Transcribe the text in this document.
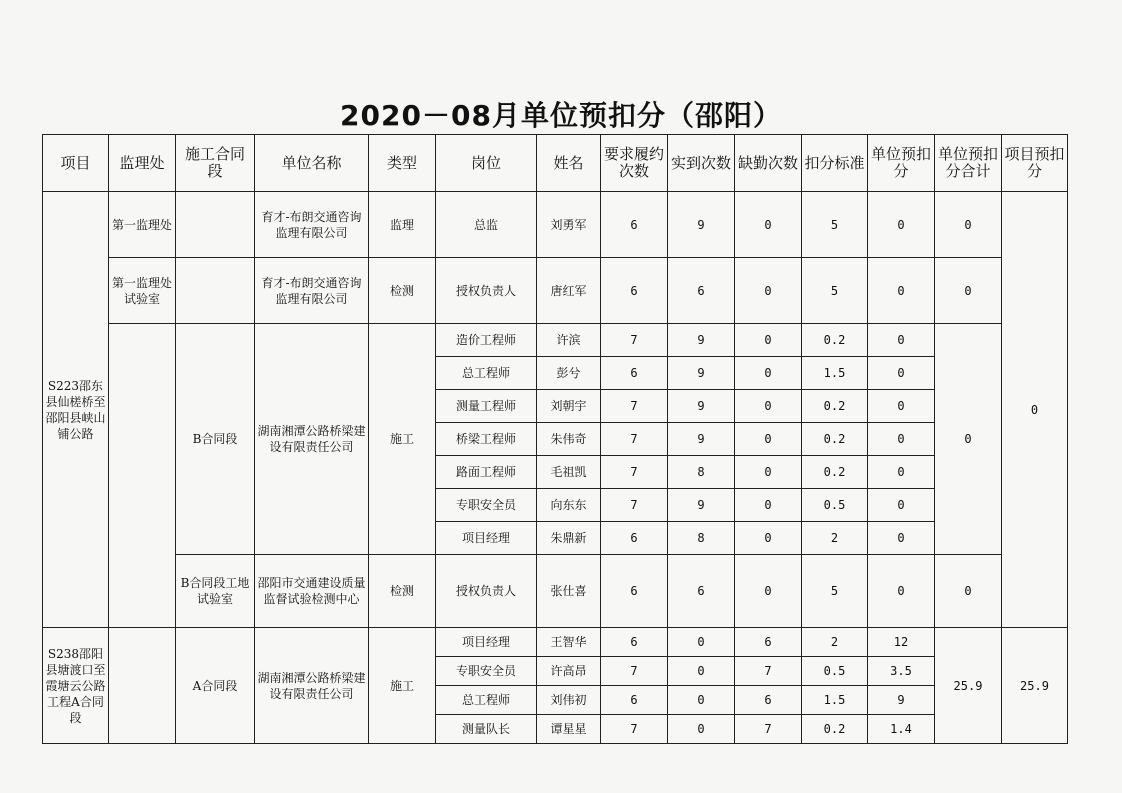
2020－08月单位预扣分（邵阳）
项目	监理处	施工合同段	单位名称	类型	岗位	姓名	要求履约次数	实到次数	缺勤次数	扣分标准	单位预扣分	单位预扣分合计	项目预扣分
S223邵东县仙槎桥至邵阳县峡山铺公路	第一监理处		育才-布朗交通咨询监理有限公司	监理	总监	刘勇军	6	9	0	5	0	0	0
	第一监理处试验室		育才-布朗交通咨询监理有限公司	检测	授权负责人	唐红军	6	6	0	5	0	0	
		B合同段	湖南湘潭公路桥梁建设有限责任公司	施工	造价工程师	许滨	7	9	0	0.2	0	0	
					总工程师	彭兮	6	9	0	1.5	0		
					测量工程师	刘朝宇	7	9	0	0.2	0		
					桥梁工程师	朱伟奇	7	9	0	0.2	0		
					路面工程师	毛祖凯	7	8	0	0.2	0		
					专职安全员	向东东	7	9	0	0.5	0		
					项目经理	朱鼎新	6	8	0	2	0		
		B合同段工地试验室	邵阳市交通建设质量监督试验检测中心	检测	授权负责人	张仕喜	6	6	0	5	0	0	
S238邵阳县塘渡口至霞塘云公路工程A合同段		A合同段	湖南湘潭公路桥梁建设有限责任公司	施工	项目经理	王智华	6	0	6	2	12	25.9	25.9
					专职安全员	许高昂	7	0	7	0.5	3.5		
					总工程师	刘伟初	6	0	6	1.5	9		
					测量队长	谭星星	7	0	7	0.2	1.4		
